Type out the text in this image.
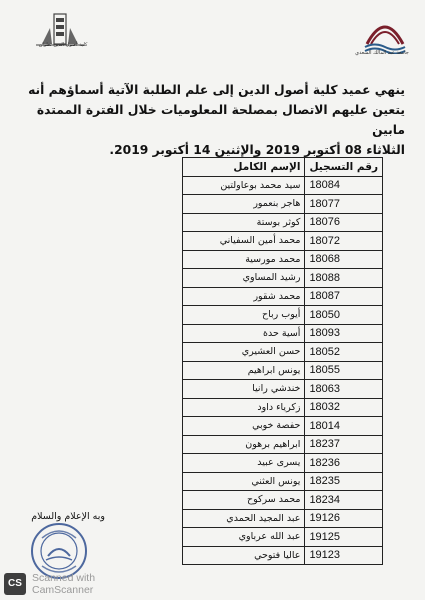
كلية أصول الدين تطوان
جامعة عبد المالك السعدي
ينهي عميد كلية أصول الدين إلى علم الطلبة الآتية أسماؤهم أنه
يتعين عليهم الاتصال بمصلحة المعلوميات خلال الفترة الممتدة مابين
الثلاثاء 08 أكتوبر 2019 والإثنين 14 أكتوبر 2019.
رقم التسجيل	الإسم الكامل
18084	سيد محمد بوعاولتين
18077	هاجر بنعمور
18076	كوثر بوستة
18072	محمد أمين السفياني
18068	محمد مورسية
18088	رشيد المساوي
18087	محمد شقور
18050	أيوب رباح
18093	أسية حدة
18052	حسن العشيري
18055	يونس ابراهيم
18063	خندشي رانيا
18032	زكرياء داود
18014	حفصة خوبي
18237	ابراهيم برهون
18236	يسرى عبيد
18235	يونس العثني
18234	محمد سركوح
19126	عبد المجيد الحمدي
19125	عبد الله عرباوي
19123	عاليا فتوحي
وبه الإعلام والسلام
CS Scanned with
CamScanner
